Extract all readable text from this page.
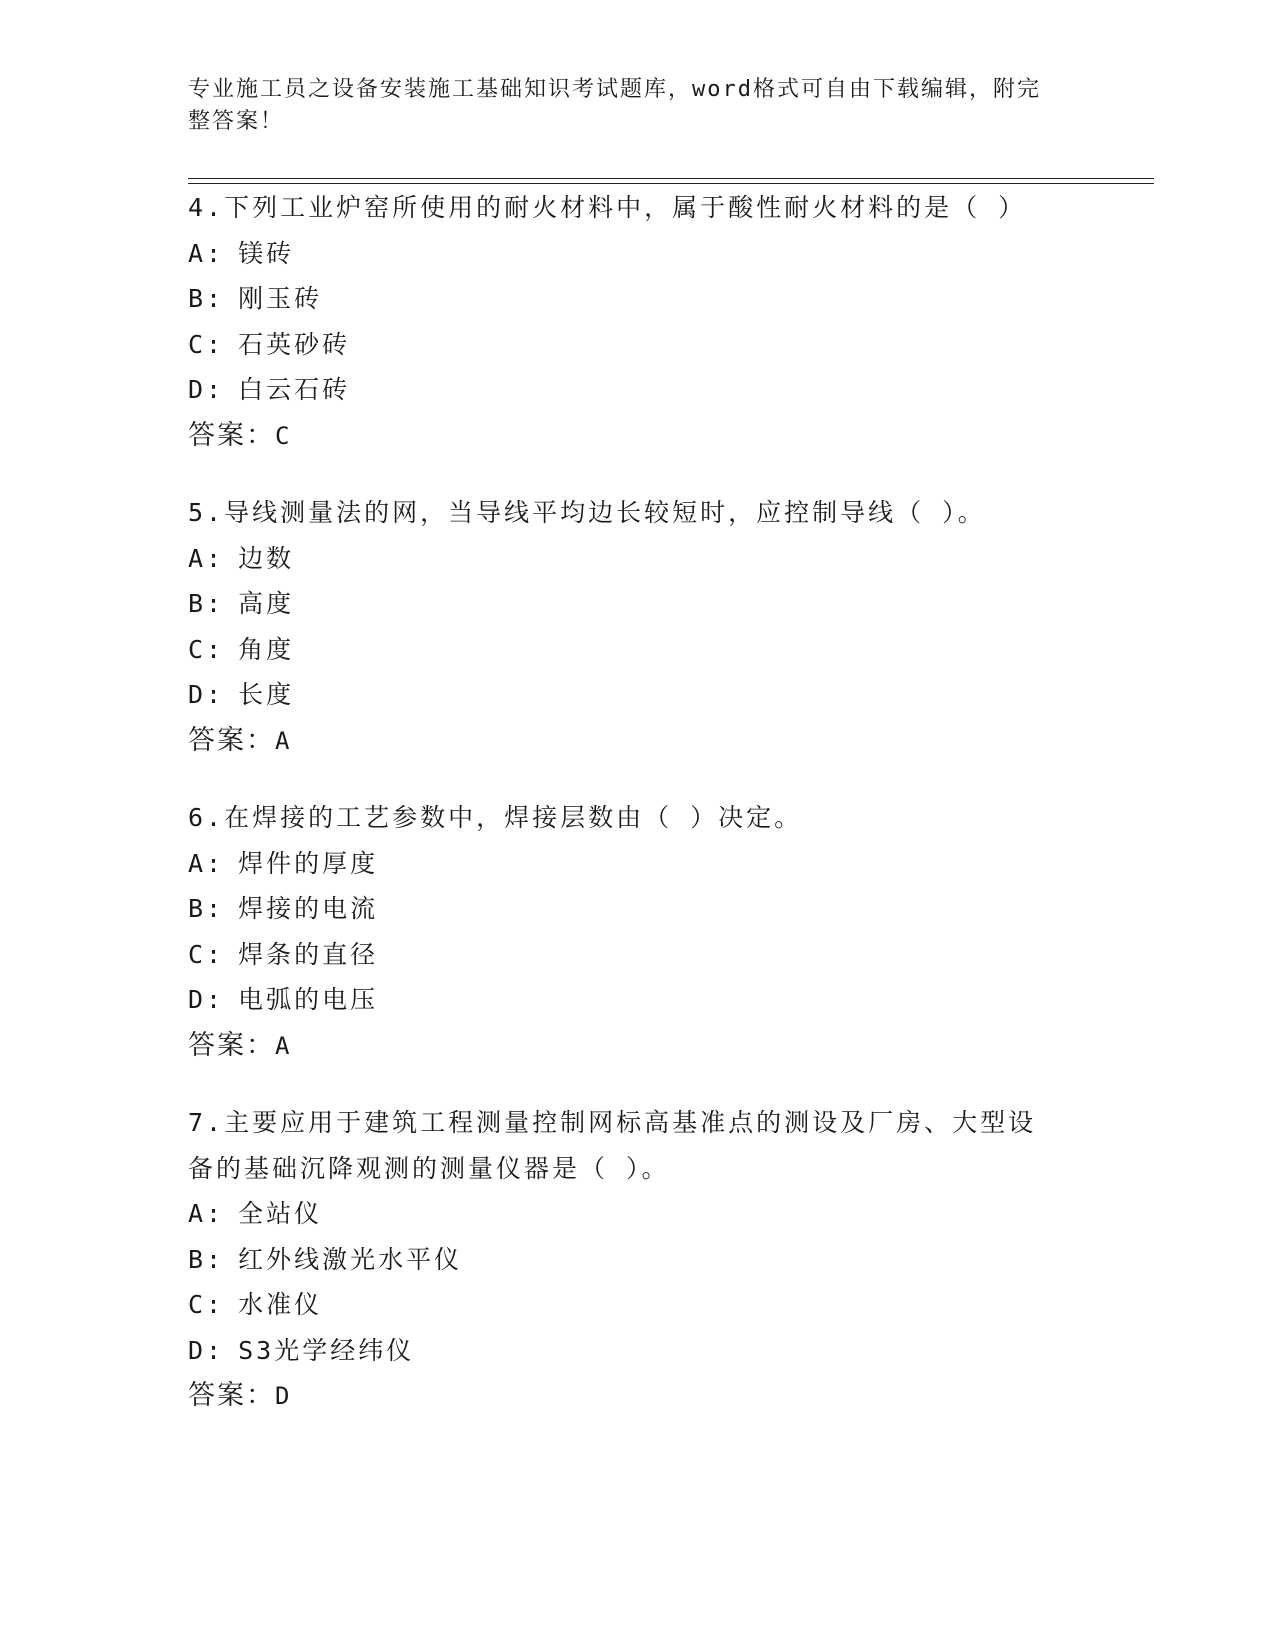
专业施工员之设备安装施工基础知识考试题库，word格式可自由下载编辑，附完
整答案！
4.下列工业炉窑所使用的耐火材料中，属于酸性耐火材料的是（ ）
A: 镁砖
B: 刚玉砖
C: 石英砂砖
D: 白云石砖
答案：C
5.导线测量法的网，当导线平均边长较短时，应控制导线（ ）。
A: 边数
B: 高度
C: 角度
D: 长度
答案：A
6.在焊接的工艺参数中，焊接层数由（ ）决定。
A: 焊件的厚度
B: 焊接的电流
C: 焊条的直径
D: 电弧的电压
答案：A
7.主要应用于建筑工程测量控制网标高基准点的测设及厂房、大型设
备的基础沉降观测的测量仪器是（ ）。
A: 全站仪
B: 红外线激光水平仪
C: 水准仪
D: S3光学经纬仪
答案：D
